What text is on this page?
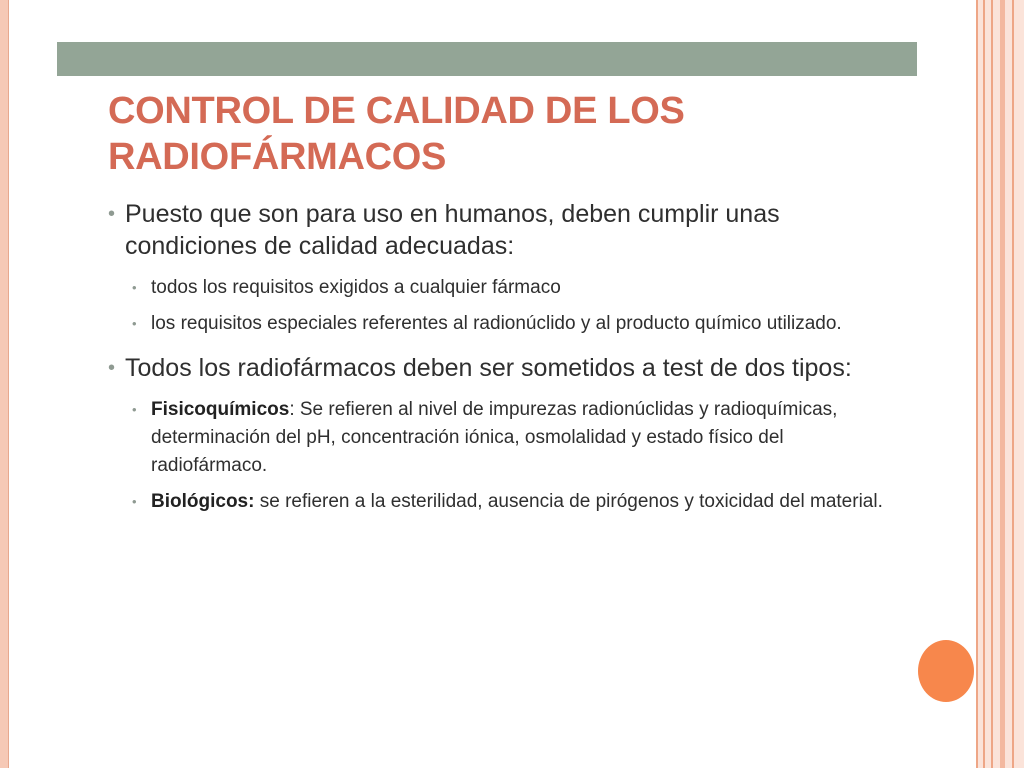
CONTROL DE CALIDAD DE LOS RADIOFÁRMACOS
• Puesto que son para uso en humanos, deben cumplir unas condiciones de calidad adecuadas:
• todos los requisitos exigidos a cualquier fármaco
• los requisitos especiales referentes al radionúclido y al producto químico utilizado.
• Todos los radiofármacos deben ser sometidos a test de dos tipos:
• Fisicoquímicos: Se refieren al nivel de impurezas radionúclidas y radioquímicas, determinación del pH, concentración iónica, osmolalidad y estado físico del radiofármaco.
• Biológicos: se refieren a la esterilidad, ausencia de pirógenos y toxicidad del material.
